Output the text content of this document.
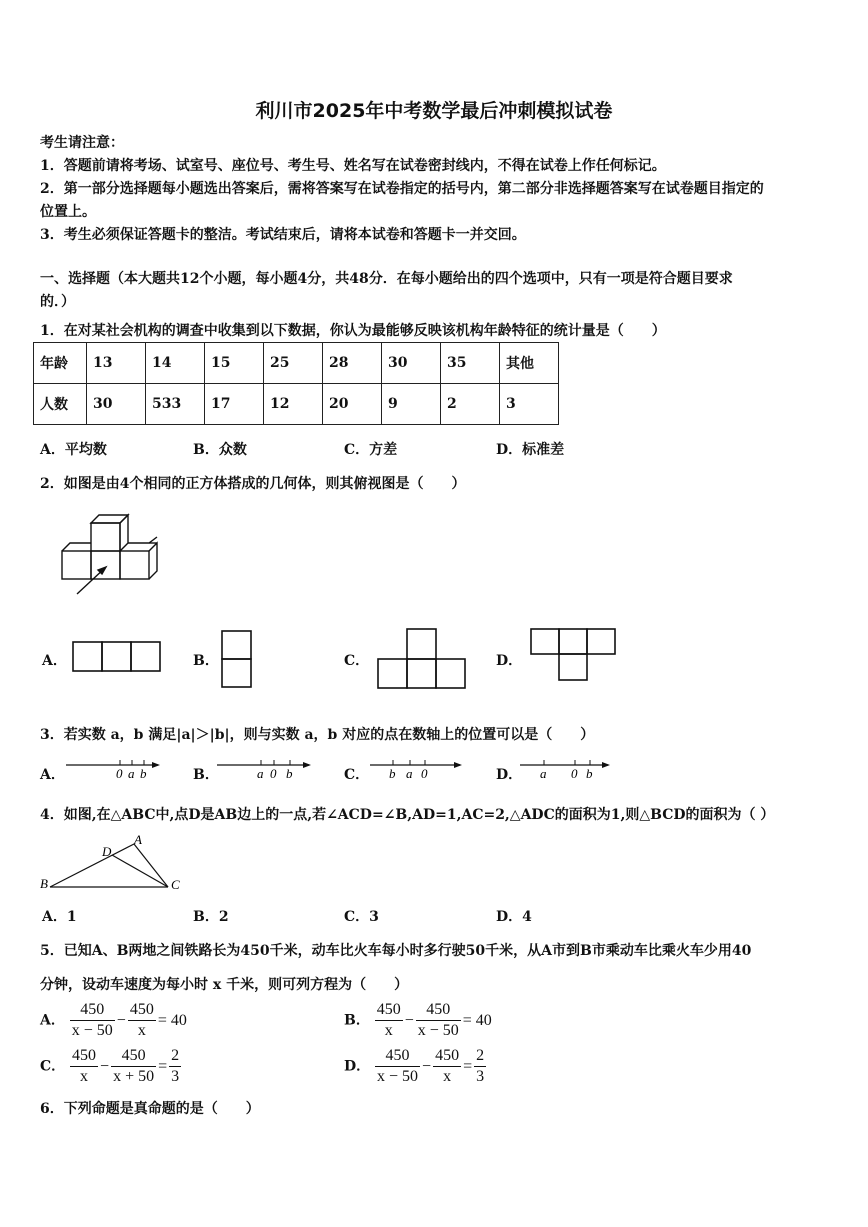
利川市2025年中考数学最后冲刺模拟试卷
考生请注意：
1．答题前请将考场、试室号、座位号、考生号、姓名写在试卷密封线内，不得在试卷上作任何标记。
2．第一部分选择题每小题选出答案后，需将答案写在试卷指定的括号内，第二部分非选择题答案写在试卷题目指定的
位置上。
3．考生必须保证答题卡的整洁。考试结束后，请将本试卷和答题卡一并交回。
一、选择题（本大题共12个小题，每小题4分，共48分．在每小题给出的四个选项中，只有一项是符合题目要求
的．）
1．在对某社会机构的调查中收集到以下数据，你认为最能够反映该机构年龄特征的统计量是（　　）
年龄	13	14	15	25	28	30	35	其他
人数	30	533	17	12	20	9	2	3
A．平均数	B．众数	C．方差	D．标准差
2．如图是由4个相同的正方体搭成的几何体，则其俯视图是（　　）
A．	B．	C．	D．
3．若实数 a，b 满足|a|＞|b|，则与实数 a，b 对应的点在数轴上的位置可以是（　　）
A．	0 a b	B．	a 0 b	C． b a 0	D． a 0 b
4．如图,在△ABC中,点D是AB边上的一点,若∠ACD=∠B,AD=1,AC=2,△ADC的面积为1,则△BCD的面积为（ ）
A
D
B	C
A．1	B．2	C．3	D．4
5．已知A、B两地之间铁路长为450千米，动车比火车每小时多行驶50千米，从A市到B市乘动车比乘火车少用40
分钟，设动车速度为每小时 x 千米，则可列方程为（　　）
A． $\frac{450}{x - 50} - \frac{450}{x} = 40$	B． $\frac{450}{x} - \frac{450}{x - 50} = 40$
C． $\frac{450}{x} - \frac{450}{x + 50} = \frac{2}{3}$	D． $\frac{450}{x - 50} - \frac{450}{x} = \frac{2}{3}$
6．下列命题是真命题的是（　　）
